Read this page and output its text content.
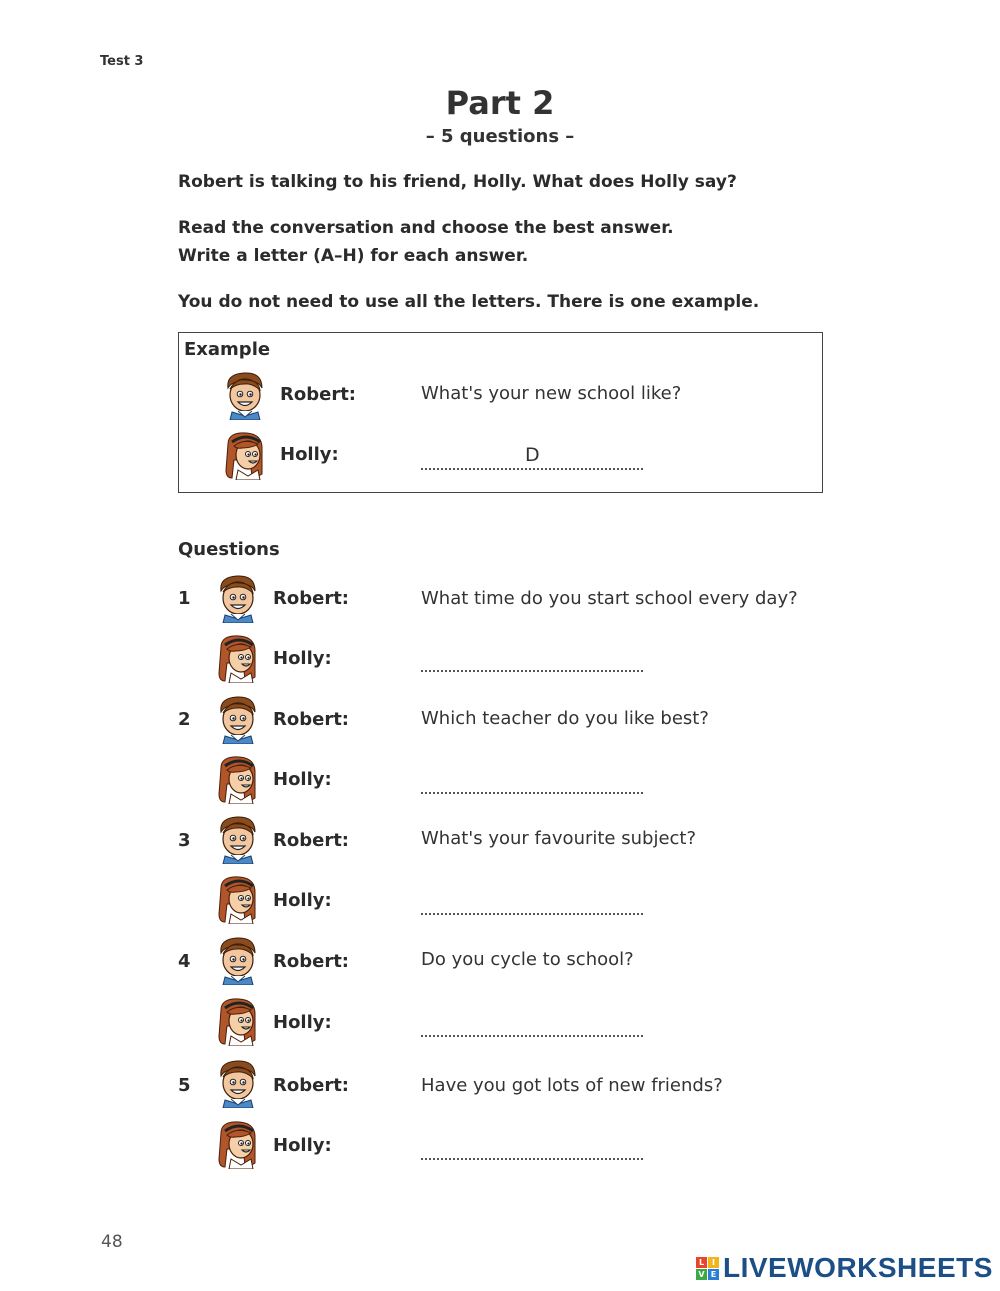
Test 3
Part 2
– 5 questions –
Robert is talking to his friend, Holly. What does Holly say?
Read the conversation and choose the best answer.
Write a letter (A–H) for each answer.
You do not need to use all the letters. There is one example.
Example
Robert:	What's your new school like?
Holly:	D
Questions
1	Robert:	What time do you start school every day?
Holly:
2	Robert:	Which teacher do you like best?
Holly:
3	Robert:	What's your favourite subject?
Holly:
4	Robert:	Do you cycle to school?
Holly:
5	Robert:	Have you got lots of new friends?
Holly:
48
L I
V E LIVEWORKSHEETS
